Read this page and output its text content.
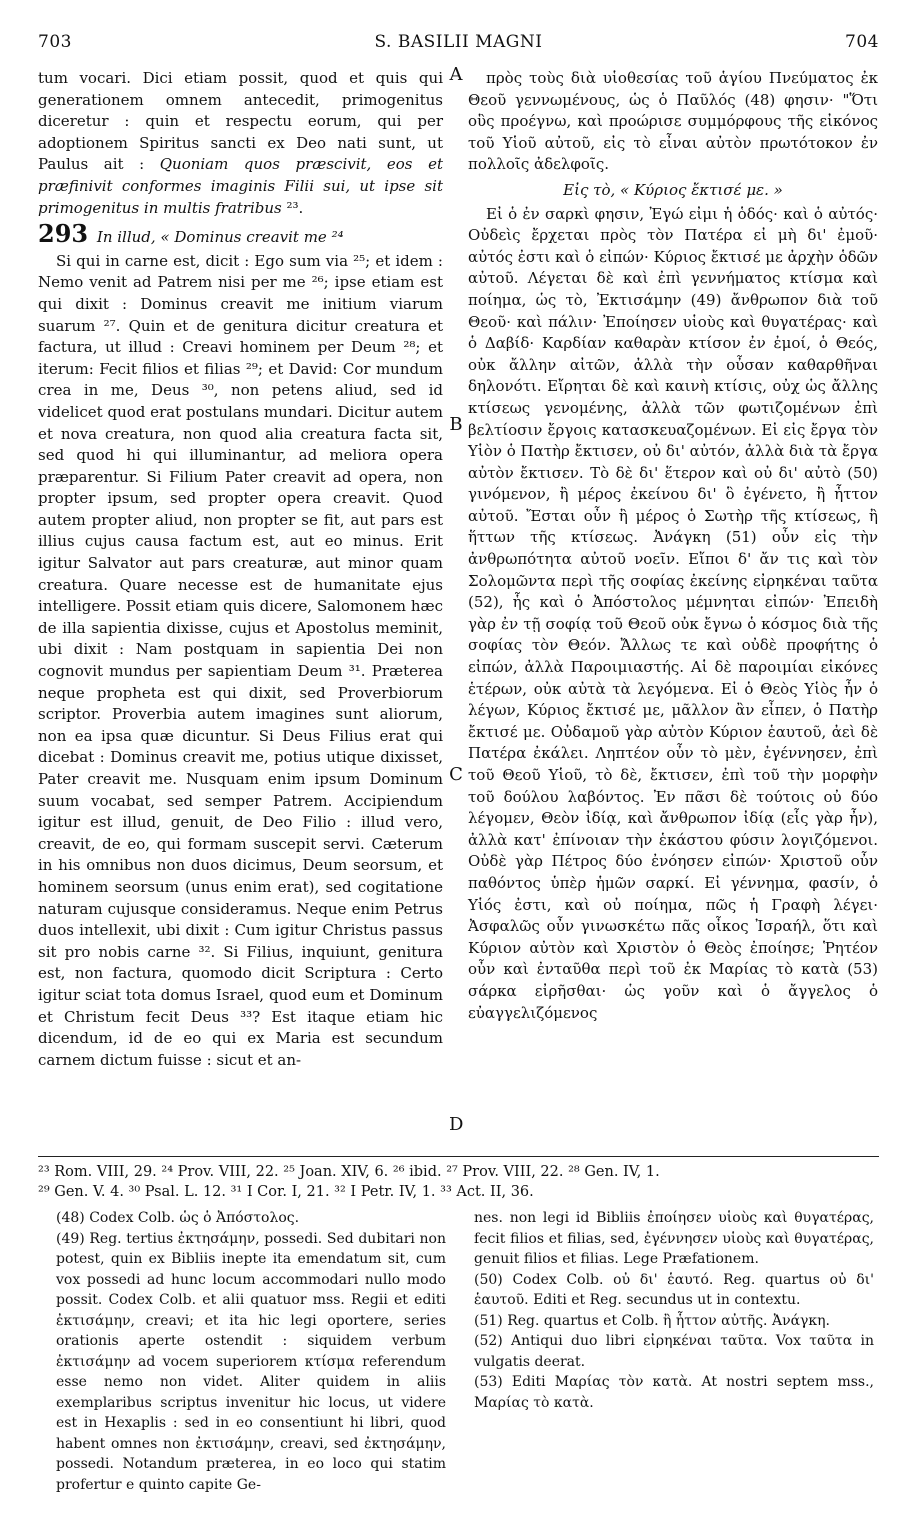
703	S. BASILII MAGNI	704

tum vocari. Dici etiam possit, quod et quis qui generationem omnem antecedit, primogenitus diceretur : quin et respectu eorum, qui per adoptionem Spiritus sancti ex Deo nati sunt, ut Paulus ait : Quoniam quos præscivit, eos et præfinivit conformes imaginis Filii sui, ut ipse sit primogenitus in multis fratribus ²³.

293 In illud, « Dominus creavit me ²⁴

Si qui in carne est, dicit : Ego sum via ²⁵; et idem : Nemo venit ad Patrem nisi per me ²⁶; ipse etiam est qui dixit : Dominus creavit me initium viarum suarum ²⁷. Quin et de genitura dicitur creatura et factura, ut illud : Creavi hominem per Deum ²⁸; et iterum: Fecit filios et filias ²⁹; et David: Cor mundum crea in me, Deus ³⁰, non petens aliud, sed id videlicet quod erat postulans mundari. Dicitur autem et nova creatura, non quod alia creatura facta sit, sed quod hi qui illuminantur, ad meliora opera præparentur. Si Filium Pater creavit ad opera, non propter ipsum, sed propter opera creavit. Quod autem propter aliud, non propter se fit, aut pars est illius cujus causa factum est, aut eo minus. Erit igitur Salvator aut pars creaturæ, aut minor quam creatura. Quare necesse est de humanitate ejus intelligere. Possit etiam quis dicere, Salomonem hæc de illa sapientia dixisse, cujus et Apostolus meminit, ubi dixit : Nam postquam in sapientia Dei non cognovit mundus per sapientiam Deum ³¹. Præterea neque propheta est qui dixit, sed Proverbiorum scriptor. Proverbia autem imagines sunt aliorum, non ea ipsa quæ dicuntur. Si Deus Filius erat qui dicebat : Dominus creavit me, potius utique dixisset, Pater creavit me. Nusquam enim ipsum Dominum suum vocabat, sed semper Patrem. Accipiendum igitur est illud, genuit, de Deo Filio : illud vero, creavit, de eo, qui formam suscepit servi. Cæterum in his omnibus non duos dicimus, Deum seorsum, et hominem seorsum (unus enim erat), sed cogitatione naturam cujusque consideramus. Neque enim Petrus duos intellexit, ubi dixit : Cum igitur Christus passus sit pro nobis carne ³². Si Filius, inquiunt, genitura est, non factura, quomodo dicit Scriptura : Certo igitur sciat tota domus Israel, quod eum et Dominum et Christum fecit Deus ³³? Est itaque etiam hic dicendum, id de eo qui ex Maria est secundum carnem dictum fuisse : sicut et an-

A
B
C
D

πρὸς τοὺς διὰ υἱοθεσίας τοῦ ἁγίου Πνεύματος ἐκ Θεοῦ γεννωμένους, ὡς ὁ Παῦλός (48) φησιν· "Ὅτι οὓς προέγνω, καὶ προώρισε συμμόρφους τῆς εἰκόνος τοῦ Υἱοῦ αὐτοῦ, εἰς τὸ εἶναι αὐτὸν πρωτότοκον ἐν πολλοῖς ἀδελφοῖς.

Εἰς τὸ, « Κύριος ἔκτισέ με. »

Εἰ ὁ ἐν σαρκὶ φησιν, Ἐγώ εἰμι ἡ ὁδός· καὶ ὁ αὐτός· Οὐδεὶς ἔρχεται πρὸς τὸν Πατέρα εἰ μὴ δι' ἐμοῦ· αὐτός ἐστι καὶ ὁ εἰπών· Κύριος ἔκτισέ με ἀρχὴν ὁδῶν αὐτοῦ. Λέγεται δὲ καὶ ἐπὶ γεννήματος κτίσμα καὶ ποίημα, ὡς τὸ, Ἐκτισάμην (49) ἄνθρωπον διὰ τοῦ Θεοῦ· καὶ πάλιν· Ἐποίησεν υἱοὺς καὶ θυγατέρας· καὶ ὁ Δαβίδ· Καρδίαν καθαρὰν κτίσον ἐν ἐμοί, ὁ Θεός, οὐκ ἄλλην αἰτῶν, ἀλλὰ τὴν οὖσαν καθαρθῆναι δηλονότι. Εἴρηται δὲ καὶ καινὴ κτίσις, οὐχ ὡς ἄλλης κτίσεως γενομένης, ἀλλὰ τῶν φωτιζομένων ἐπὶ βελτίοσιν ἔργοις κατασκευαζομένων. Εἰ εἰς ἔργα τὸν Υἱὸν ὁ Πατὴρ ἔκτισεν, οὐ δι' αὐτόν, ἀλλὰ διὰ τὰ ἔργα αὐτὸν ἔκτισεν. Τὸ δὲ δι' ἕτερον καὶ οὐ δι' αὐτὸ (50) γινόμενον, ἢ μέρος ἐκείνου δι' ὃ ἐγένετο, ἢ ἧττον αὐτοῦ. Ἔσται οὖν ἢ μέρος ὁ Σωτὴρ τῆς κτίσεως, ἢ ἥττων τῆς κτίσεως. Ἀνάγκη (51) οὖν εἰς τὴν ἀνθρωπότητα αὐτοῦ νοεῖν. Εἴποι δ' ἄν τις καὶ τὸν Σολομῶντα περὶ τῆς σοφίας ἐκείνης εἰρηκέναι ταῦτα (52), ἧς καὶ ὁ Ἀπόστολος μέμνηται εἰπών· Ἐπειδὴ γὰρ ἐν τῇ σοφίᾳ τοῦ Θεοῦ οὐκ ἔγνω ὁ κόσμος διὰ τῆς σοφίας τὸν Θεόν. Ἄλλως τε καὶ οὐδὲ προφήτης ὁ εἰπών, ἀλλὰ Παροιμιαστής. Αἱ δὲ παροιμίαι εἰκόνες ἑτέρων, οὐκ αὐτὰ τὰ λεγόμενα. Εἰ ὁ Θεὸς Υἱὸς ἦν ὁ λέγων, Κύριος ἔκτισέ με, μᾶλλον ἂν εἶπεν, ὁ Πατὴρ ἔκτισέ με. Οὐδαμοῦ γὰρ αὐτὸν Κύριον ἑαυτοῦ, ἀεὶ δὲ Πατέρα ἐκάλει. Ληπτέον οὖν τὸ μὲν, ἐγέννησεν, ἐπὶ τοῦ Θεοῦ Υἱοῦ, τὸ δὲ, ἔκτισεν, ἐπὶ τοῦ τὴν μορφὴν τοῦ δούλου λαβόντος. Ἐν πᾶσι δὲ τούτοις οὐ δύο λέγομεν, Θεὸν ἰδίᾳ, καὶ ἄνθρωπον ἰδίᾳ (εἷς γὰρ ἦν), ἀλλὰ κατ' ἐπίνοιαν τὴν ἑκάστου φύσιν λογιζόμενοι. Οὐδὲ γὰρ Πέτρος δύο ἐνόησεν εἰπών· Χριστοῦ οὖν παθόντος ὑπὲρ ἡμῶν σαρκί. Εἰ γέννημα, φασίν, ὁ Υἱός ἐστι, καὶ οὐ ποίημα, πῶς ἡ Γραφὴ λέγει· Ἀσφαλῶς οὖν γινωσκέτω πᾶς οἶκος Ἰσραήλ, ὅτι καὶ Κύριον αὐτὸν καὶ Χριστὸν ὁ Θεὸς ἐποίησε; Ῥητέον οὖν καὶ ἐνταῦθα περὶ τοῦ ἐκ Μαρίας τὸ κατὰ (53) σάρκα εἰρῆσθαι· ὡς γοῦν καὶ ὁ ἄγγελος ὁ εὐαγγελιζόμενος

²³ Rom. VIII, 29. ²⁴ Prov. VIII, 22. ²⁵ Joan. XIV, 6. ²⁶ ibid. ²⁷ Prov. VIII, 22. ²⁸ Gen. IV, 1.
²⁹ Gen. V. 4. ³⁰ Psal. L. 12. ³¹ I Cor. I, 21. ³² I Petr. IV, 1. ³³ Act. II, 36.

(48) Codex Colb. ὡς ὁ Ἀπόστολος.

(49) Reg. tertius ἐκτησάμην, possedi. Sed dubitari non potest, quin ex Bibliis inepte ita emendatum sit, cum vox possedi ad hunc locum accommodari nullo modo possit. Codex Colb. et alii quatuor mss. Regii et editi ἐκτισάμην, creavi; et ita hic legi oportere, series orationis aperte ostendit : siquidem verbum ἐκτισάμην ad vocem superiorem κτίσμα referendum esse nemo non videt. Aliter quidem in aliis exemplaribus scriptus invenitur hic locus, ut videre est in Hexaplis : sed in eo consentiunt hi libri, quod habent omnes non ἐκτισάμην, creavi, sed ἐκτησάμην, possedi. Notandum præterea, in eo loco qui statim profertur e quinto capite Ge-

nes. non legi id Bibliis ἐποίησεν υἱοὺς καὶ θυγατέρας, fecit filios et filias, sed, ἐγέννησεν υἱοὺς καὶ θυγατέρας, genuit filios et filias. Lege Præfationem.

(50) Codex Colb. οὐ δι' ἑαυτό. Reg. quartus οὐ δι' ἑαυτοῦ. Editi et Reg. secundus ut in contextu.

(51) Reg. quartus et Colb. ἢ ἧττον αὐτῆς. Ἀνάγκη.

(52) Antiqui duo libri εἰρηκέναι ταῦτα. Vox ταῦτα in vulgatis deerat.

(53) Editi Μαρίας τὸν κατὰ. At nostri septem mss., Μαρίας τὸ κατὰ.
